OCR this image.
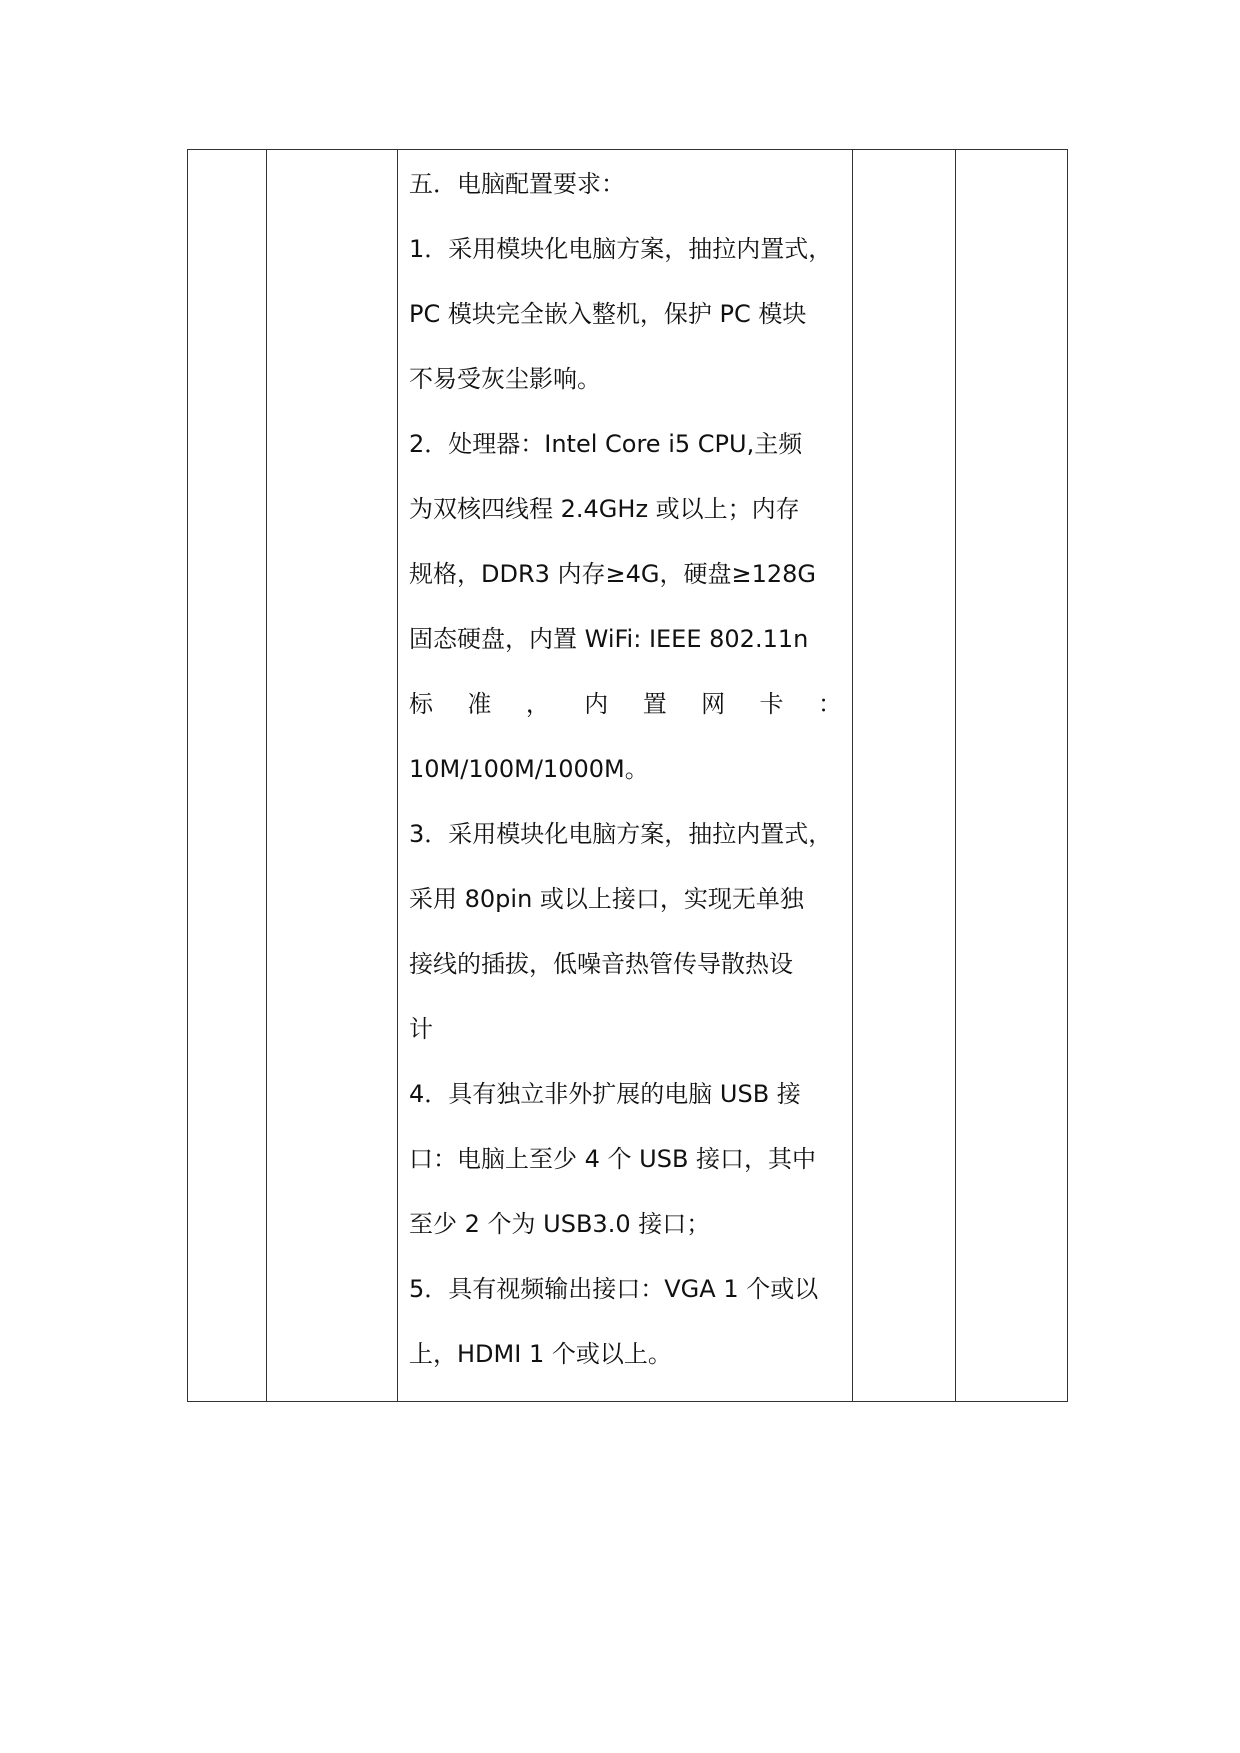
五．电脑配置要求：
1．采用模块化电脑方案，抽拉内置式，
PC 模块完全嵌入整机，保护 PC 模块
不易受灰尘影响。
2．处理器：Intel Core i5 CPU,主频
为双核四线程 2.4GHz 或以上；内存
规格，DDR3 内存≥4G，硬盘≥128G
固态硬盘，内置 WiFi: IEEE 802.11n
标 准 ， 内 置 网 卡 ：
10M/100M/1000M。
3．采用模块化电脑方案，抽拉内置式，
采用 80pin 或以上接口，实现无单独
接线的插拔，低噪音热管传导散热设
计
4．具有独立非外扩展的电脑 USB 接
口：电脑上至少 4 个 USB 接口，其中
至少 2 个为 USB3.0 接口；
5．具有视频输出接口：VGA 1 个或以
上，HDMI 1 个或以上。
